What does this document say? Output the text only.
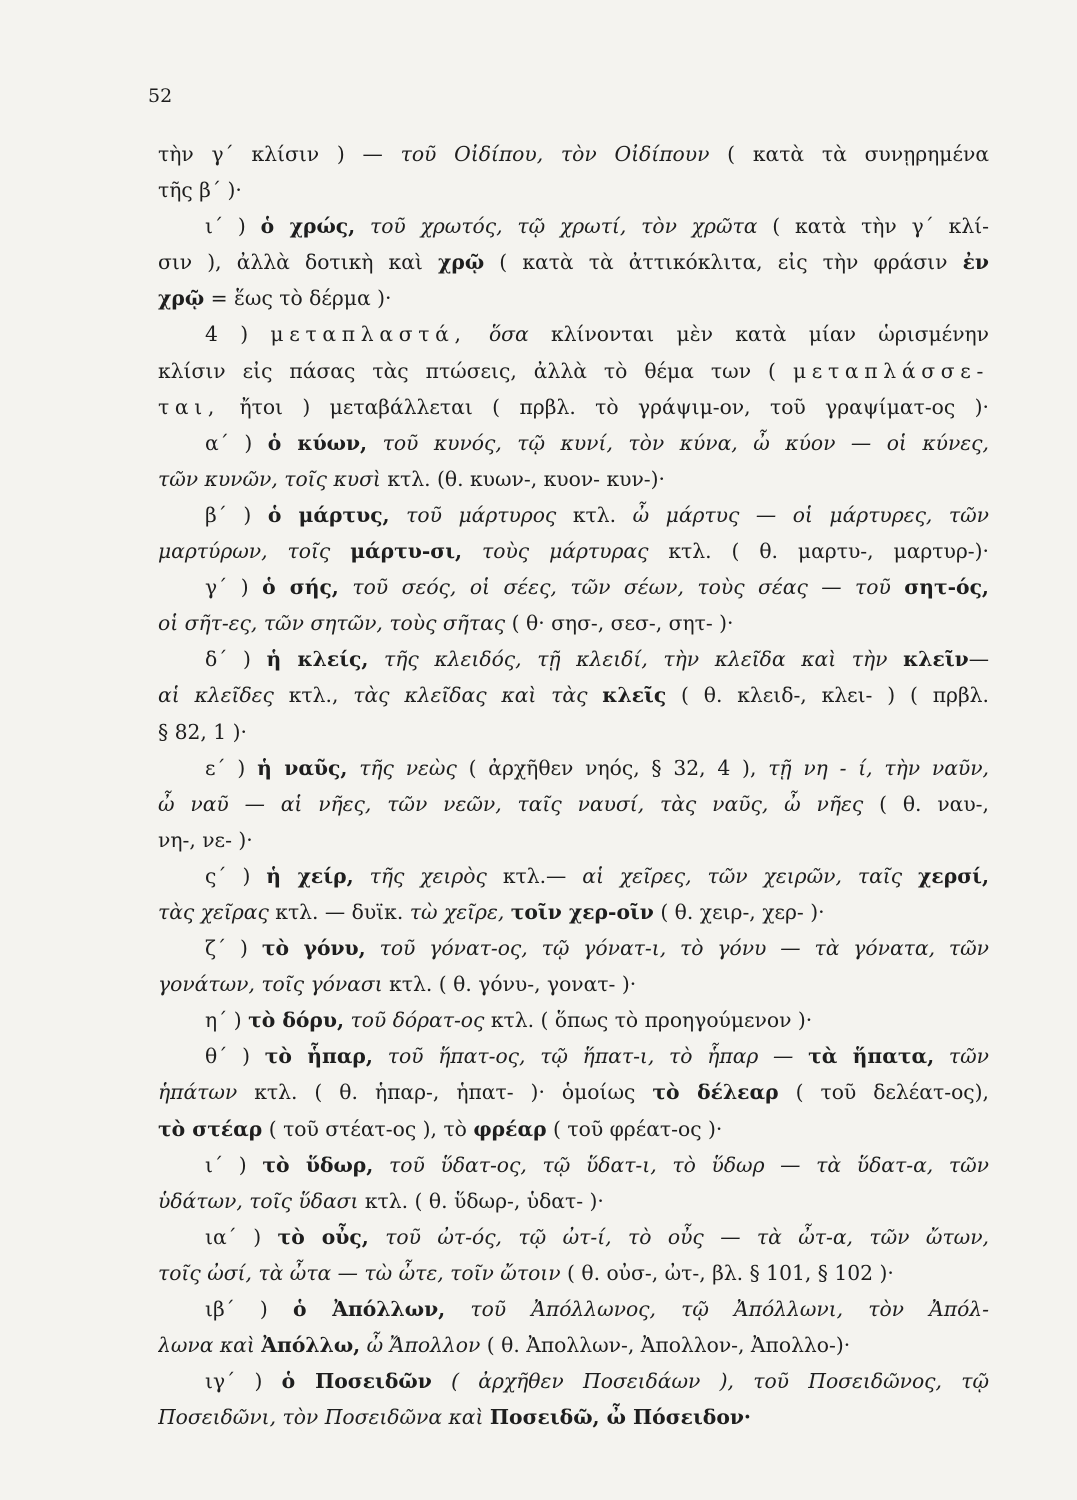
52
τὴν γ´ κλίσιν ) — τοῦ Οἰδίπου, τὸν Οἰδίπουν ( κατὰ τὰ συνῃρημένα
τῆς β´ )·
ι´ ) ὁ χρώς, τοῦ χρωτός, τῷ χρωτί, τὸν χρῶτα ( κατὰ τὴν γ´ κλί-
σιν ), ἀλλὰ δοτικὴ καὶ χρῷ ( κατὰ τὰ ἀττικόκλιτα, εἰς τὴν φράσιν ἐν
χρῷ = ἕως τὸ δέρμα )·
4 ) μεταπλαστά, ὅσα κλίνονται μὲν κατὰ μίαν ὡρισμένην
κλίσιν εἰς πάσας τὰς πτώσεις, ἀλλὰ τὸ θέμα των ( μεταπλάσσε-
ται, ἤτοι ) μεταβάλλεται ( πρβλ. τὸ γράψιμ-ον, τοῦ γραψίματ-ος )·
α´ ) ὁ κύων, τοῦ κυνός, τῷ κυνί, τὸν κύνα, ὦ κύον — οἱ κύνες,
τῶν κυνῶν, τοῖς κυσὶ κτλ. (θ. κυων-, κυον- κυν-)·
β´ ) ὁ μάρτυς, τοῦ μάρτυρος κτλ. ὦ μάρτυς — οἱ μάρτυρες, τῶν
μαρτύρων, τοῖς μάρτυ-σι, τοὺς μάρτυρας κτλ. ( θ. μαρτυ-, μαρτυρ-)·
γ´ ) ὁ σής, τοῦ σεός, οἱ σέες, τῶν σέων, τοὺς σέας — τοῦ σητ-ός,
οἱ σῆτ-ες, τῶν σητῶν, τοὺς σῆτας ( θ· σησ-, σεσ-, σητ- )·
δ´ ) ἡ κλείς, τῆς κλειδός, τῇ κλειδί, τὴν κλεῖδα καὶ τὴν κλεῖν—
αἱ κλεῖδες κτλ., τὰς κλεῖδας καὶ τὰς κλεῖς ( θ. κλειδ-, κλει- ) ( πρβλ.
§ 82, 1 )·
ε´ ) ἡ ναῦς, τῆς νεὼς ( ἀρχῆθεν νηός, § 32, 4 ), τῇ νη - ί, τὴν ναῦν,
ὦ ναῦ — αἱ νῆες, τῶν νεῶν, ταῖς ναυσί, τὰς ναῦς, ὦ νῆες ( θ. ναυ-,
νη-, νε- )·
ς´ ) ἡ χείρ, τῆς χειρὸς κτλ.— αἱ χεῖρες, τῶν χειρῶν, ταῖς χερσί,
τὰς χεῖρας κτλ. — δυϊκ. τὼ χεῖρε, τοῖν χερ-οῖν ( θ. χειρ-, χερ- )·
ζ´ ) τὸ γόνυ, τοῦ γόνατ-ος, τῷ γόνατ-ι, τὸ γόνυ — τὰ γόνατα, τῶν
γονάτων, τοῖς γόνασι κτλ. ( θ. γόνυ-, γονατ- )·
η´ ) τὸ δόρυ, τοῦ δόρατ-ος κτλ. ( ὅπως τὸ προηγούμενον )·
θ´ ) τὸ ἧπαρ, τοῦ ἥπατ-ος, τῷ ἥπατ-ι, τὸ ἧπαρ — τὰ ἥπατα, τῶν
ἡπάτων κτλ. ( θ. ἡπαρ-, ἡπατ- )· ὁμοίως τὸ δέλεαρ ( τοῦ δελέατ-ος),
τὸ στέαρ ( τοῦ στέατ-ος ), τὸ φρέαρ ( τοῦ φρέατ-ος )·
ι´ ) τὸ ὕδωρ, τοῦ ὕδατ-ος, τῷ ὕδατ-ι, τὸ ὕδωρ — τὰ ὕδατ-α, τῶν
ὑδάτων, τοῖς ὕδασι κτλ. ( θ. ὕδωρ-, ὑδατ- )·
ια´ ) τὸ οὖς, τοῦ ὠτ-ός, τῷ ὠτ-ί, τὸ οὖς — τὰ ὦτ-α, τῶν ὤτων,
τοῖς ὠσί, τὰ ὦτα — τὼ ὦτε, τοῖν ὤτοιν ( θ. οὐσ-, ὠτ-, βλ. § 101, § 102 )·
ιβ´ ) ὁ Ἀπόλλων, τοῦ Ἀπόλλωνος, τῷ Ἀπόλλωνι, τὸν Ἀπόλ-
λωνα καὶ Ἀπόλλω, ὦ Ἄπολλον ( θ. Ἀπολλων-, Ἀπολλον-, Ἀπολλο-)·
ιγ´ ) ὁ Ποσειδῶν ( ἀρχῆθεν Ποσειδάων ), τοῦ Ποσειδῶνος, τῷ
Ποσειδῶνι, τὸν Ποσειδῶνα καὶ Ποσειδῶ, ὦ Πόσειδον·
